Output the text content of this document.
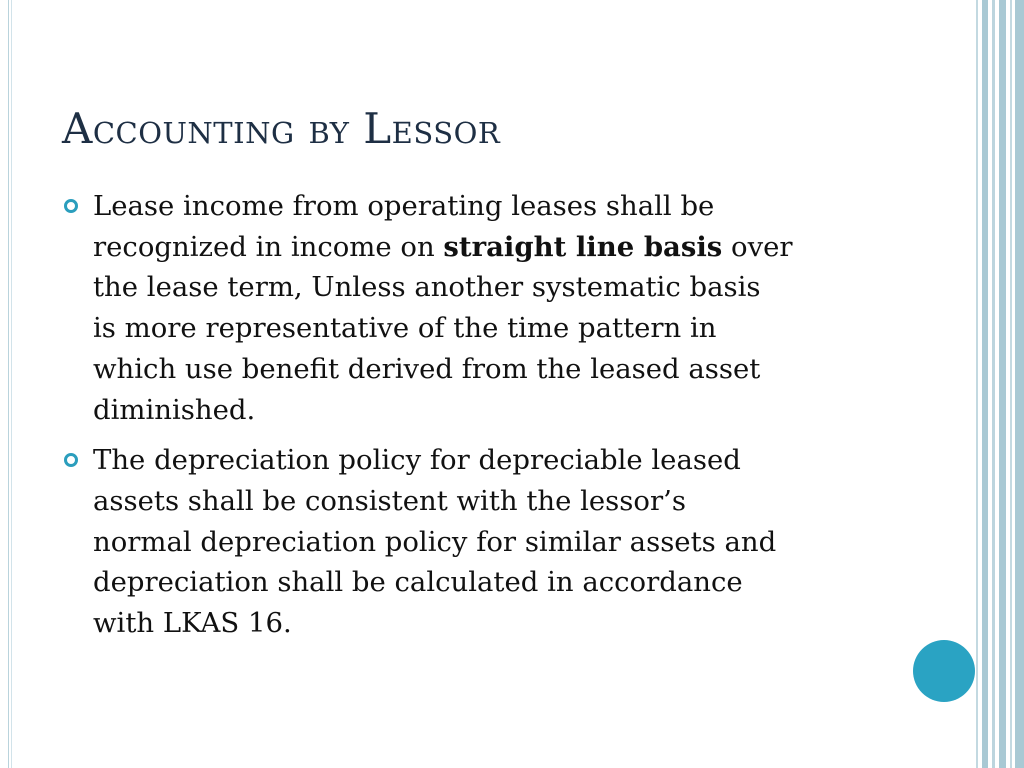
Accounting by Lessor
Lease income from operating leases shall be
recognized in income on straight line basis over
the lease term, Unless another systematic basis
is more representative of the time pattern in
which use benefit derived from the leased asset
diminished.
The depreciation policy for depreciable leased
assets shall be consistent with the lessor’s
normal depreciation policy for similar assets and
depreciation shall be calculated in accordance
with LKAS 16.
